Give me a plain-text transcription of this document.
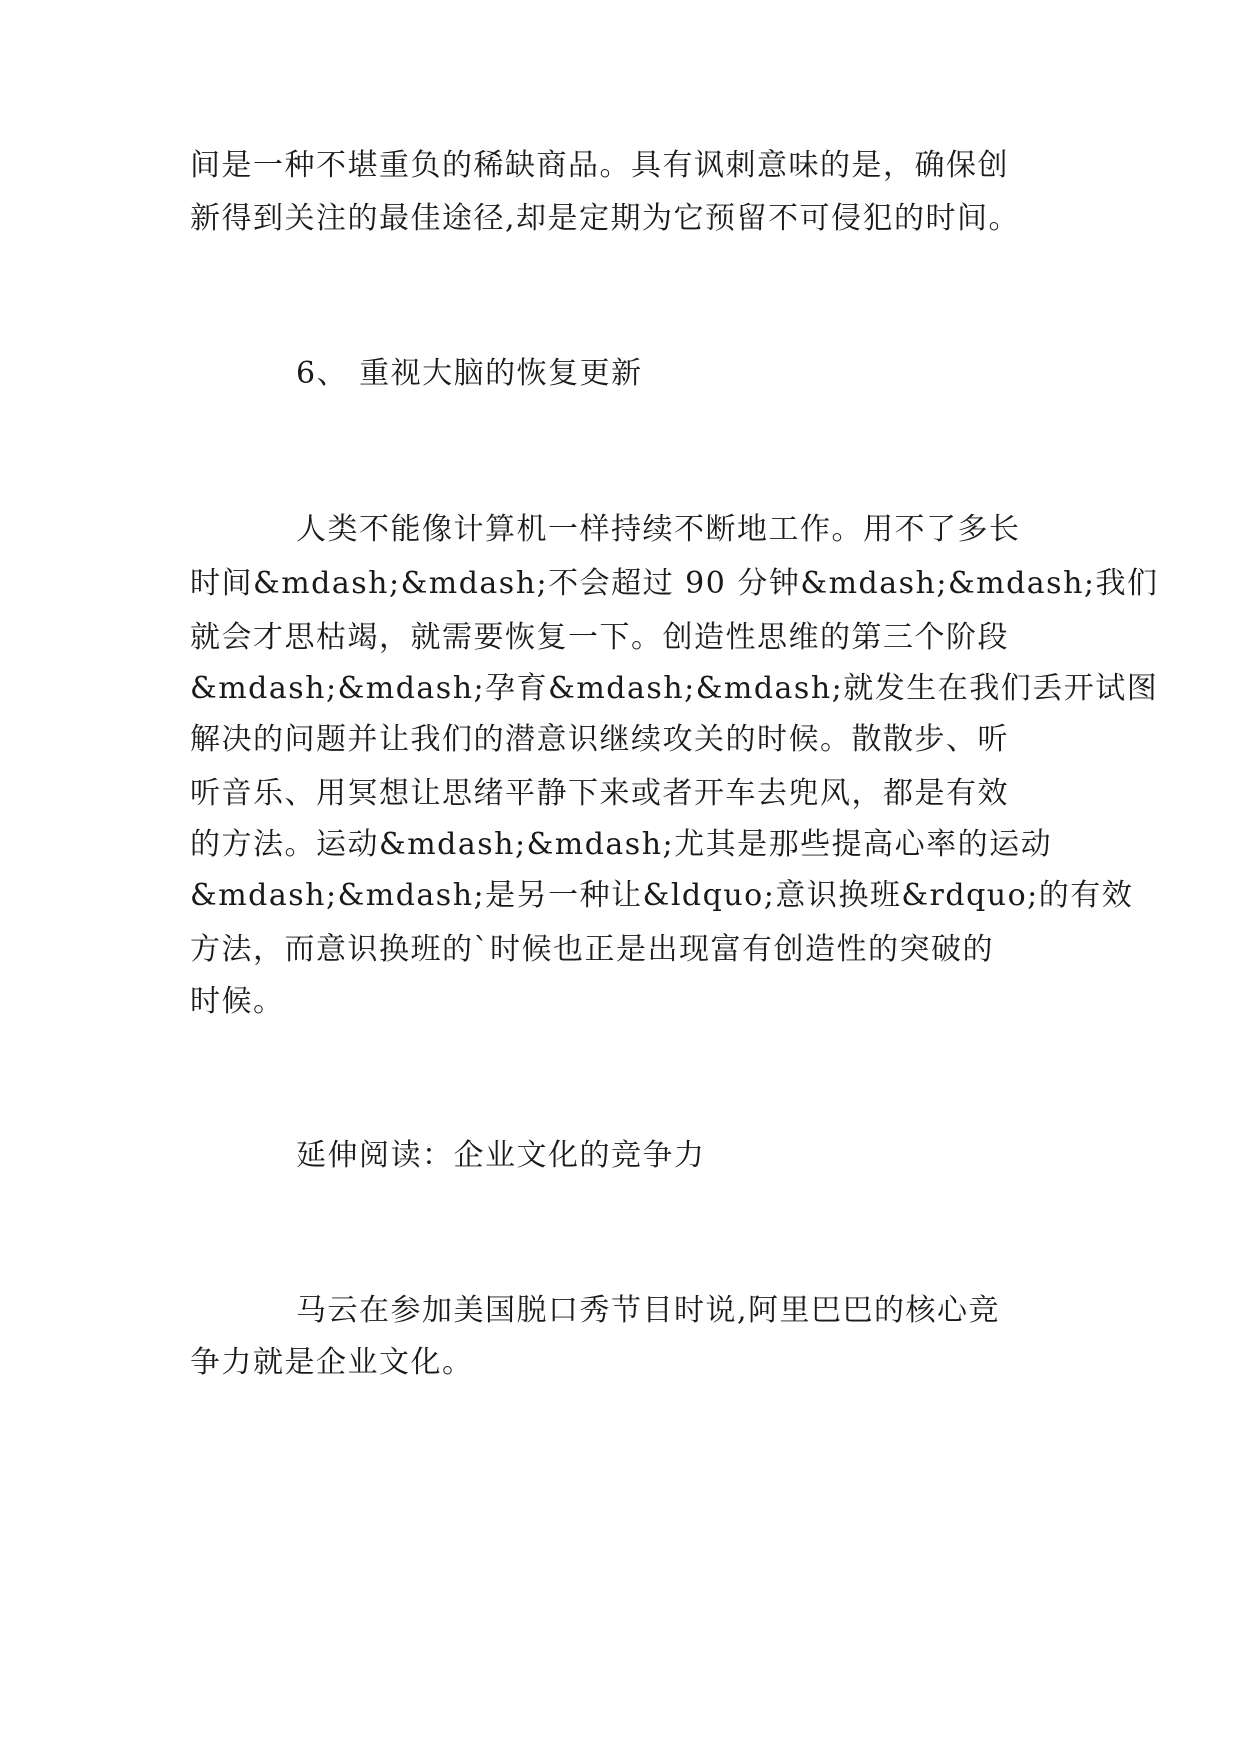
间是一种不堪重负的稀缺商品。具有讽刺意味的是，确保创
新得到关注的最佳途径,却是定期为它预留不可侵犯的时间。
6、 重视大脑的恢复更新
人类不能像计算机一样持续不断地工作。用不了多长
时间&mdash;&mdash;不会超过 90 分钟&mdash;&mdash;我们
就会才思枯竭，就需要恢复一下。创造性思维的第三个阶段
&mdash;&mdash;孕育&mdash;&mdash;就发生在我们丢开试图
解决的问题并让我们的潜意识继续攻关的时候。散散步、听
听音乐、用冥想让思绪平静下来或者开车去兜风，都是有效
的方法。运动&mdash;&mdash;尤其是那些提高心率的运动
&mdash;&mdash;是另一种让&ldquo;意识换班&rdquo;的有效
方法，而意识换班的`时候也正是出现富有创造性的突破的
时候。
延伸阅读：企业文化的竞争力
马云在参加美国脱口秀节目时说,阿里巴巴的核心竞
争力就是企业文化。
